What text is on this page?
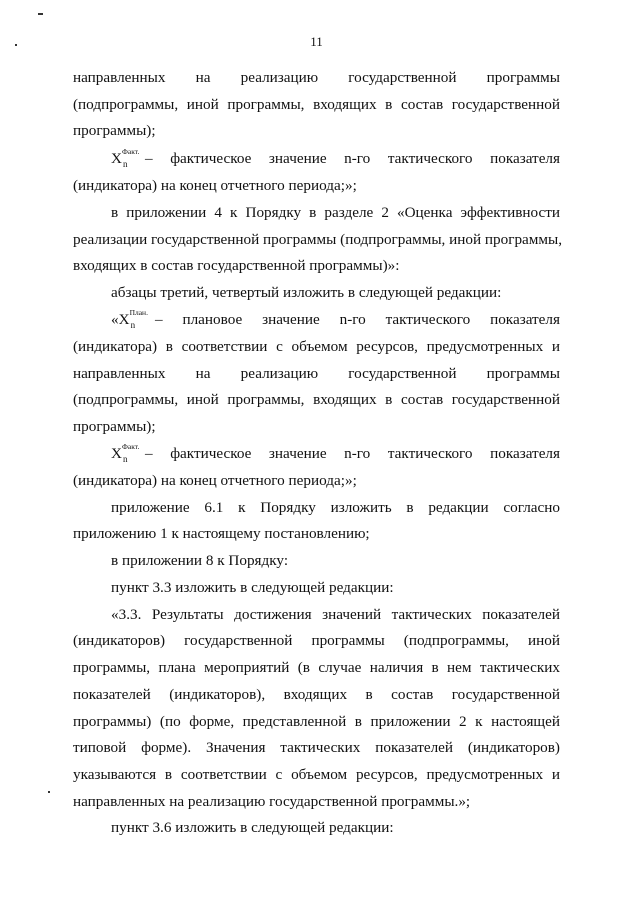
11
направленных на реализацию государственной программы
(подпрограммы, иной программы, входящих в состав государственной
программы);
X Факт.
n – фактическое значение n-го тактического показателя
(индикатора) на конец отчетного периода;»;
в приложении 4 к Порядку в разделе 2 «Оценка эффективности
реализации государственной программы (подпрограммы, иной программы,
входящих в состав государственной программы)»:
абзацы третий, четвертый изложить в следующей редакции:
«X План.
n – плановое значение n-го тактического показателя
(индикатора) в соответствии с объемом ресурсов, предусмотренных и
направленных на реализацию государственной программы
(подпрограммы, иной программы, входящих в состав государственной
программы);
X Факт.
n – фактическое значение n-го тактического показателя
(индикатора) на конец отчетного периода;»;
приложение 6.1 к Порядку изложить в редакции согласно
приложению 1 к настоящему постановлению;
в приложении 8 к Порядку:
пункт 3.3 изложить в следующей редакции:
«3.3. Результаты достижения значений тактических показателей
(индикаторов) государственной программы (подпрограммы, иной
программы, плана мероприятий (в случае наличия в нем тактических
показателей (индикаторов), входящих в состав государственной
программы) (по форме, представленной в приложении 2 к настоящей
типовой форме). Значения тактических показателей (индикаторов)
указываются в соответствии с объемом ресурсов, предусмотренных и
направленных на реализацию государственной программы.»;
пункт 3.6 изложить в следующей редакции:
